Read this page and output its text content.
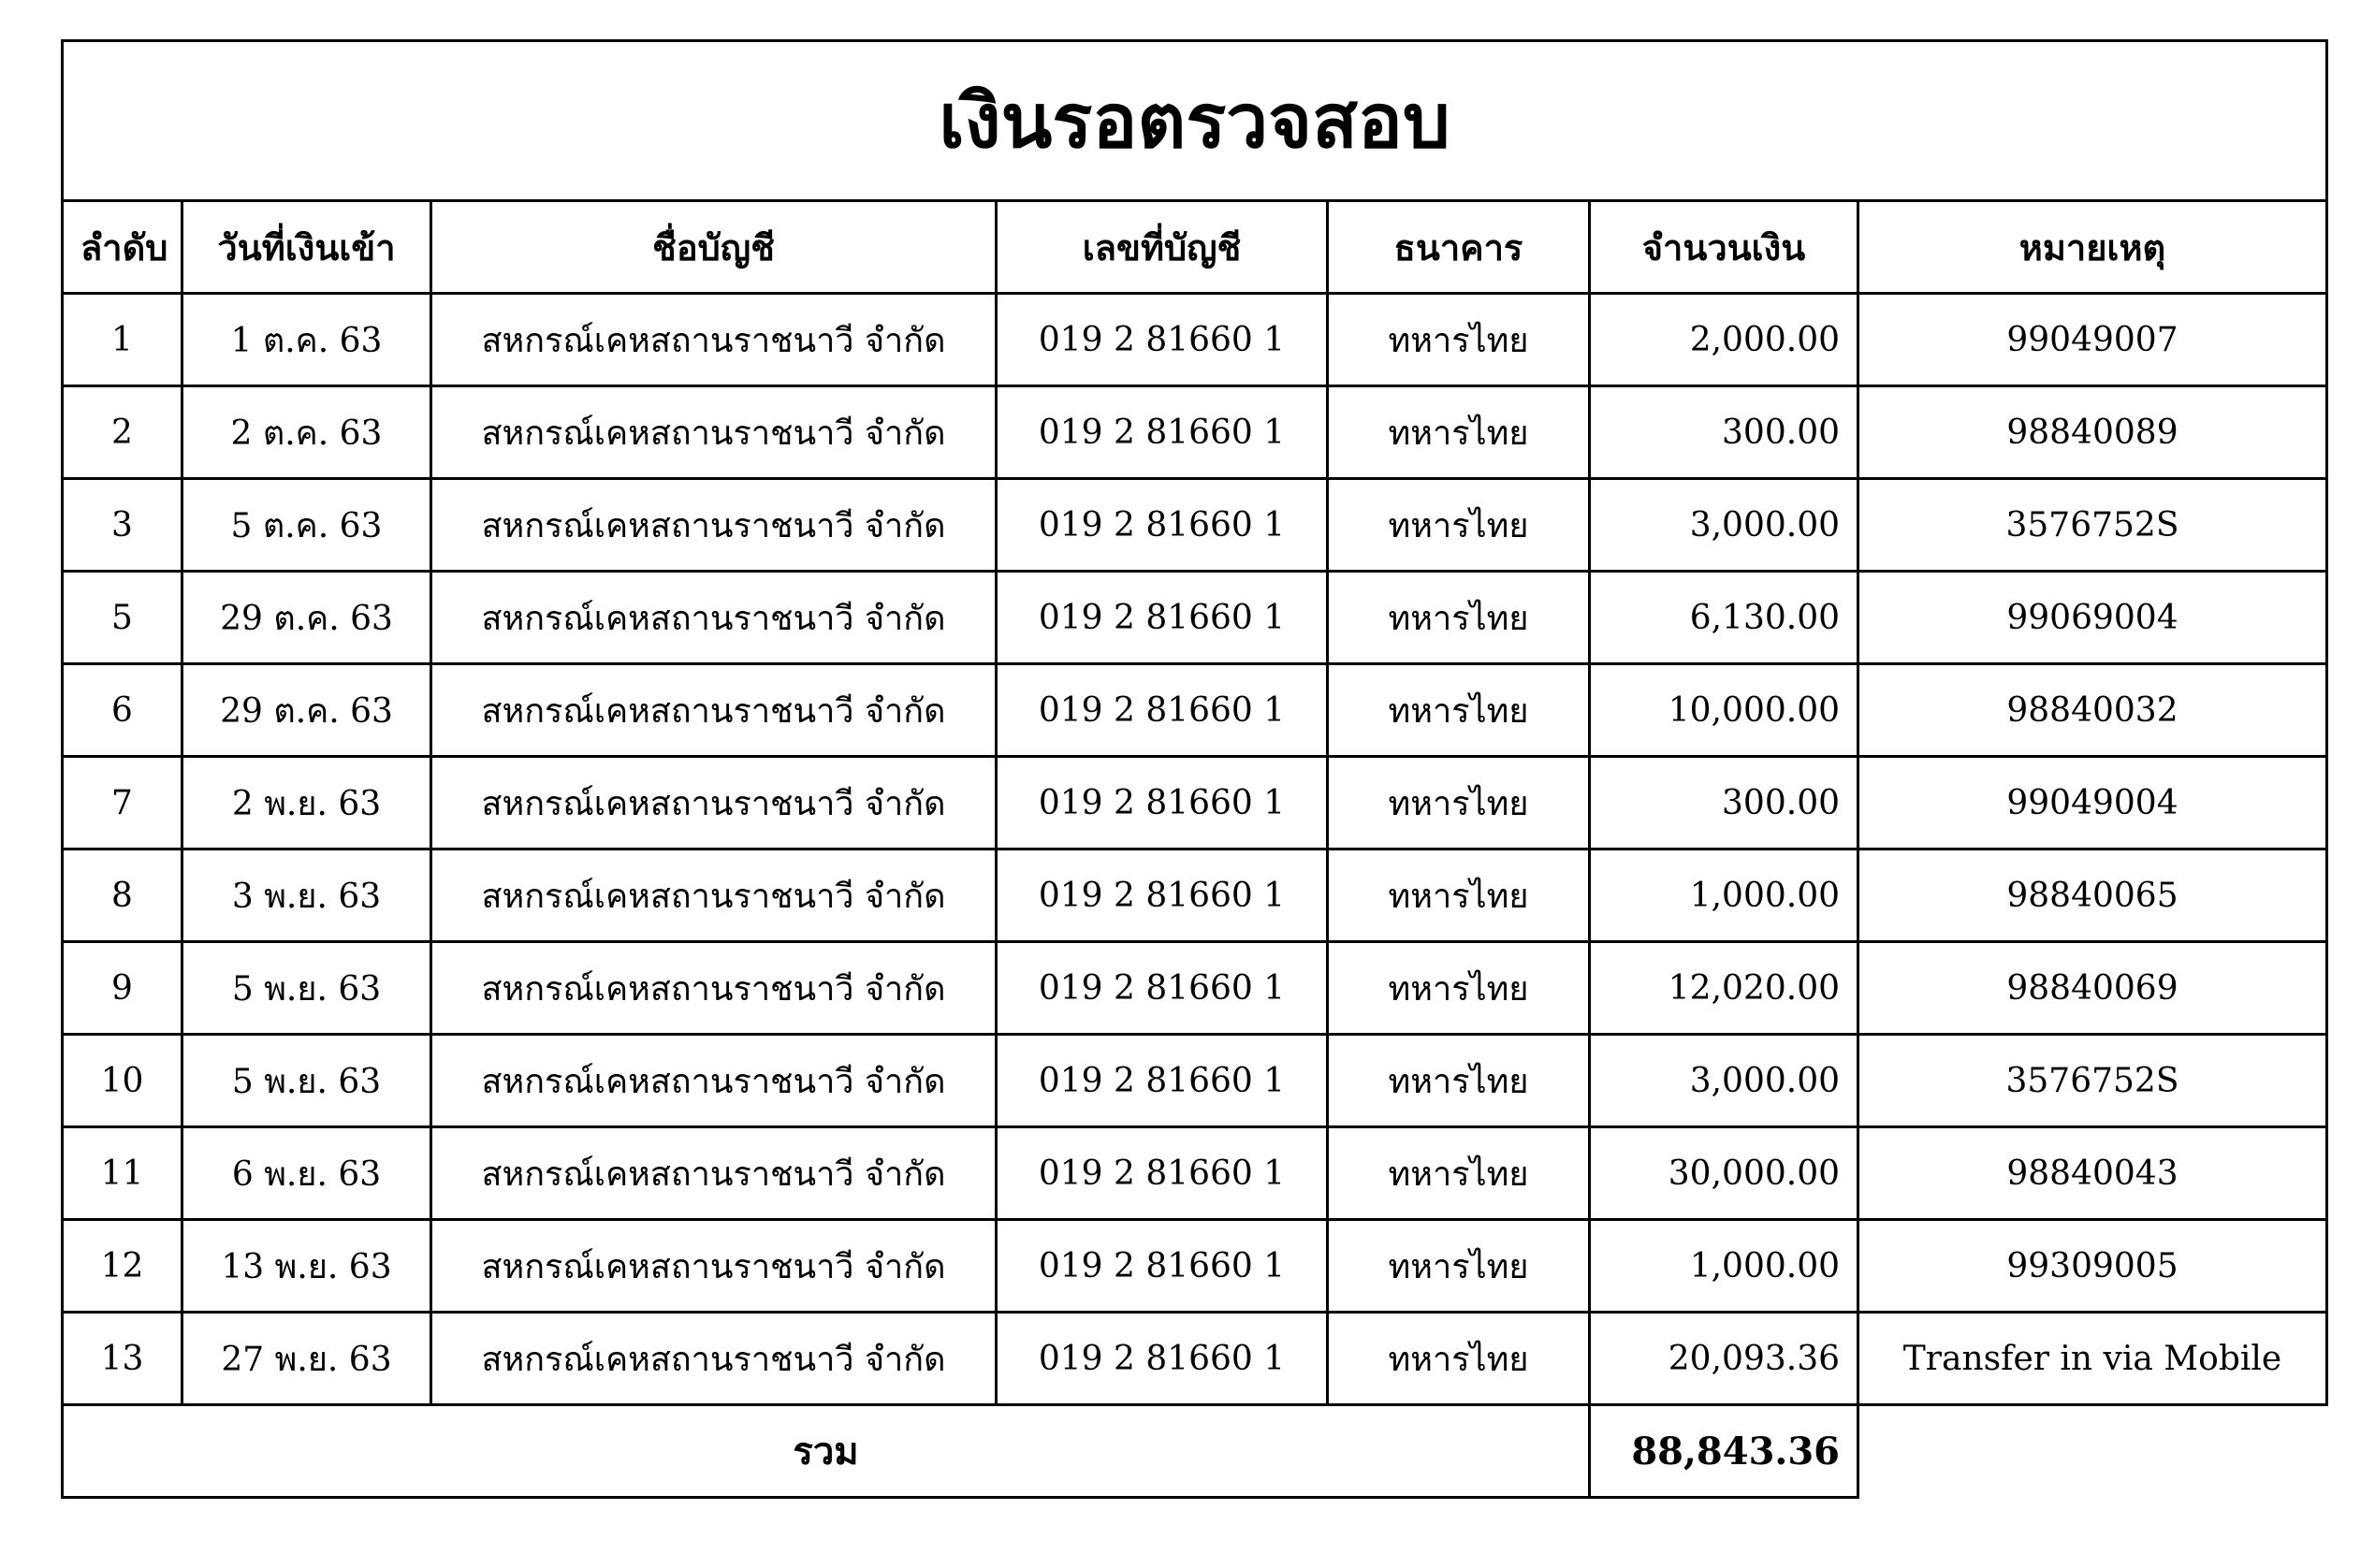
เงินรอตรวจสอบ						
ลำดับ	วันที่เงินเข้า	ชื่อบัญชี	เลขที่บัญชี	ธนาคาร	จำนวนเงิน	หมายเหตุ
1	1 ต.ค. 63	สหกรณ์เคหสถานราชนาวี จำกัด	019 2 81660 1	ทหารไทย	2,000.00	99049007
2	2 ต.ค. 63	สหกรณ์เคหสถานราชนาวี จำกัด	019 2 81660 1	ทหารไทย	300.00	98840089
3	5 ต.ค. 63	สหกรณ์เคหสถานราชนาวี จำกัด	019 2 81660 1	ทหารไทย	3,000.00	3576752S
5	29 ต.ค. 63	สหกรณ์เคหสถานราชนาวี จำกัด	019 2 81660 1	ทหารไทย	6,130.00	99069004
6	29 ต.ค. 63	สหกรณ์เคหสถานราชนาวี จำกัด	019 2 81660 1	ทหารไทย	10,000.00	98840032
7	2 พ.ย. 63	สหกรณ์เคหสถานราชนาวี จำกัด	019 2 81660 1	ทหารไทย	300.00	99049004
8	3 พ.ย. 63	สหกรณ์เคหสถานราชนาวี จำกัด	019 2 81660 1	ทหารไทย	1,000.00	98840065
9	5 พ.ย. 63	สหกรณ์เคหสถานราชนาวี จำกัด	019 2 81660 1	ทหารไทย	12,020.00	98840069
10	5 พ.ย. 63	สหกรณ์เคหสถานราชนาวี จำกัด	019 2 81660 1	ทหารไทย	3,000.00	3576752S
11	6 พ.ย. 63	สหกรณ์เคหสถานราชนาวี จำกัด	019 2 81660 1	ทหารไทย	30,000.00	98840043
12	13 พ.ย. 63	สหกรณ์เคหสถานราชนาวี จำกัด	019 2 81660 1	ทหารไทย	1,000.00	99309005
13	27 พ.ย. 63	สหกรณ์เคหสถานราชนาวี จำกัด	019 2 81660 1	ทหารไทย	20,093.36	Transfer in via Mobile
รวม					88,843.36	
